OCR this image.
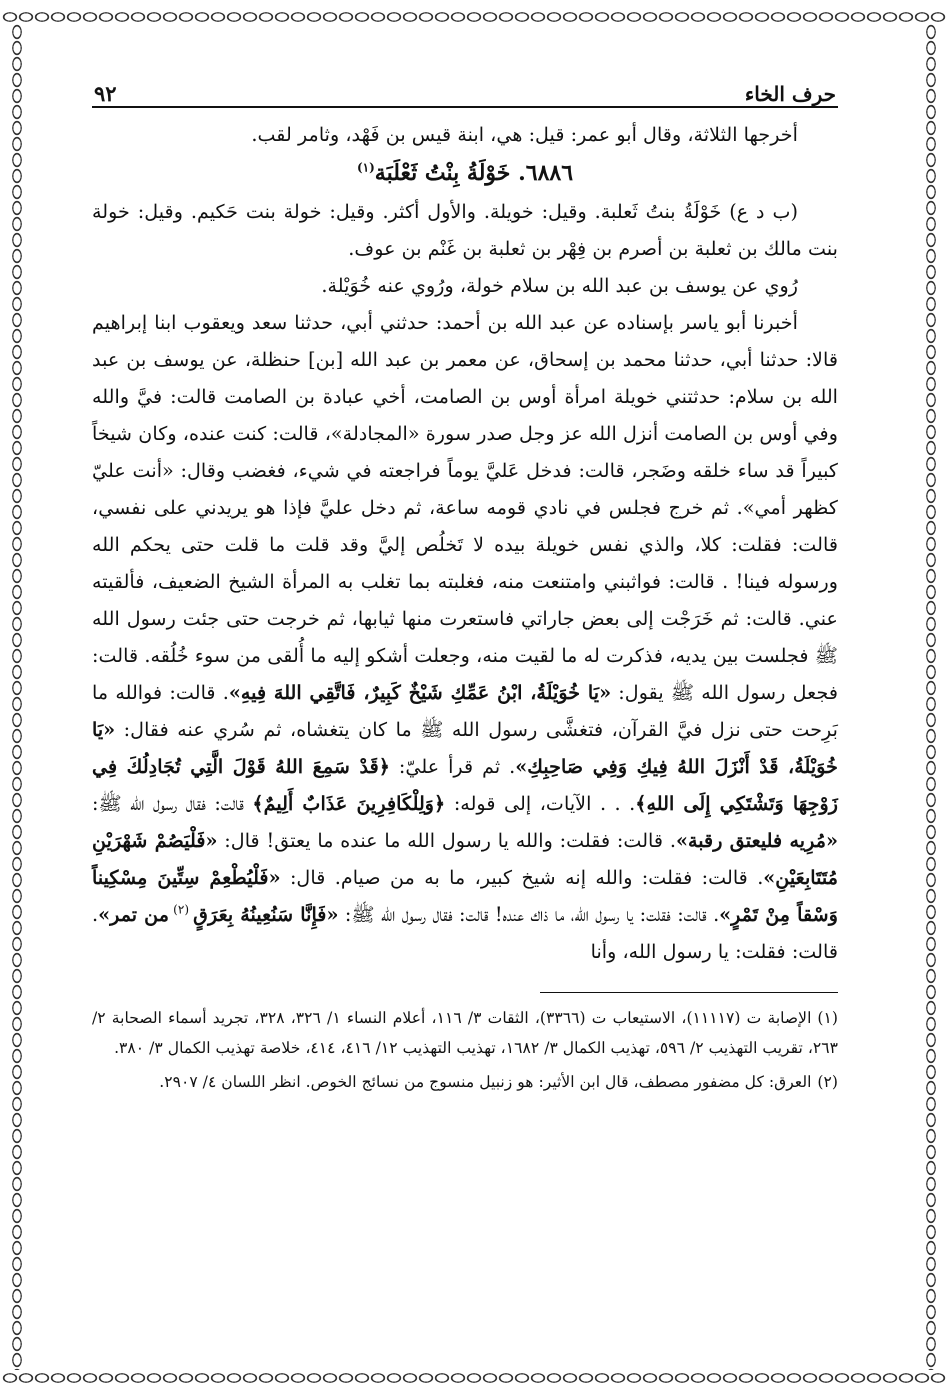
حرف الخاء
٩٢

أخرجها الثلاثة، وقال أبو عمر: قيل: هي، ابنة قيس بن فَهْد، وثامر لقب.

٦٨٨٦. خَوْلَةُ بِنْتُ ثَعْلَبَة$^{(١)}$

(ب د ع) خَوْلَةُ بنتُ ثَعلبة. وقيل: خويلة. والأول أكثر. وقيل: خولة بنت حَكيم. وقيل: خولة بنت مالك بن ثعلبة بن أصرم بن فِهْر بن ثعلبة بن غَنْم بن عوف.

رُوي عن يوسف بن عبد الله بن سلام خولة، ورُوي عنه خُوَيْلة.

أخبرنا أبو ياسر بإسناده عن عبد الله بن أحمد: حدثني أبي، حدثنا سعد ويعقوب ابنا إبراهيم قالا: حدثنا أبي، حدثنا محمد بن إسحاق، عن معمر بن عبد الله [بن] حنظلة، عن يوسف بن عبد الله بن سلام: حدثتني خويلة امرأة أوس بن الصامت، أخي عبادة بن الصامت قالت: فيَّ والله وفي أوس بن الصامت أنزل الله عز وجل صدر سورة «المجادلة»، قالت: كنت عنده، وكان شيخاً كبيراً قد ساء خلقه وضَجر، قالت: فدخل عَليَّ يوماً فراجعته في شيء، فغضب وقال: «أنت عليّ كظهر أمي». ثم خرج فجلس في نادي قومه ساعة، ثم دخل عليَّ فإذا هو يريدني على نفسي، قالت: فقلت: كلا، والذي نفس خويلة بيده لا تَخلُص إليَّ وقد قلت ما قلت حتى يحكم الله ورسوله فينا! . قالت: فواثبني وامتنعت منه، فغلبته بما تغلب به المرأة الشيخ الضعيف، فألقيته عني. قالت: ثم خَرَجْت إلى بعض جاراتي فاستعرت منها ثيابها، ثم خرجت حتى جئت رسول الله ﷺ فجلست بين يديه، فذكرت له ما لقيت منه، وجعلت أشكو إليه ما أُلقى من سوء خُلُقه. قالت: فجعل رسول الله ﷺ يقول: «يَا خُوَيْلَةُ، ابْنُ عَمِّكِ شَيْخٌ كَبِيرٌ، فَاتَّقِي اللهَ فِيهِ». قالت: فوالله ما بَرِحت حتى نزل فيَّ القرآن، فتغشَّى رسول الله ﷺ ما كان يتغشاه، ثم سُري عنه فقال: «يَا خُوَيْلَةُ، قَدْ أَنْزَلَ اللهُ فِيكِ وَفِي صَاحِبِكِ». ثم قرأ عليّ: ﴿قَدْ سَمِعَ اللهُ قَوْلَ الَّتِي تُجَادِلُكَ فِي زَوْجِهَا وَتَشْتَكِي إِلَى اللهِ﴾. . . الآيات، إلى قوله: ﴿وَلِلْكَافِرِينَ عَذَابٌ أَلِيمٌ﴾ قالت: فقال رسول الله ﷺ: «مُرِيه فليعتق رقبة». قالت: فقلت: والله يا رسول الله ما عنده ما يعتق! قال: «فَلْيَصُمْ شَهْرَيْنِ مُتَتَابِعَيْنِ». قالت: فقلت: والله إنه شيخ كبير، ما به من صيام. قال: «فَلْيُطْعِمْ سِتِّينَ مِسْكِيناً وَسْقاً مِنْ تَمْرٍ». قالت: فقلت: يا رسول الله، ما ذاك عنده! قالت: فقال رسول الله ﷺ: «فَإِنَّا سَنُعِينُهُ بِعَرَقٍ $^{(٢)}$ من تمر». قالت: فقلت: يا رسول الله، وأنا

(١)الإصابة ت (١١١١٧)، الاستيعاب ت (٣٣٦٦)، الثقات ٣/ ١١٦، أعلام النساء ١/ ٣٢٦، ٣٢٨، تجريد أسماء الصحابة ٢/ ٢٦٣، تقريب التهذيب ٢/ ٥٩٦، تهذيب الكمال ٣/ ١٦٨٢، تهذيب التهذيب ١٢/ ٤١٦، ٤١٤، خلاصة تهذيب الكمال ٣/ ٣٨٠.

(٢)العرق: كل مضفور مصطف، قال ابن الأثير: هو زنبيل منسوج من نسائج الخوص. انظر اللسان ٤/ ٢٩٠٧.
